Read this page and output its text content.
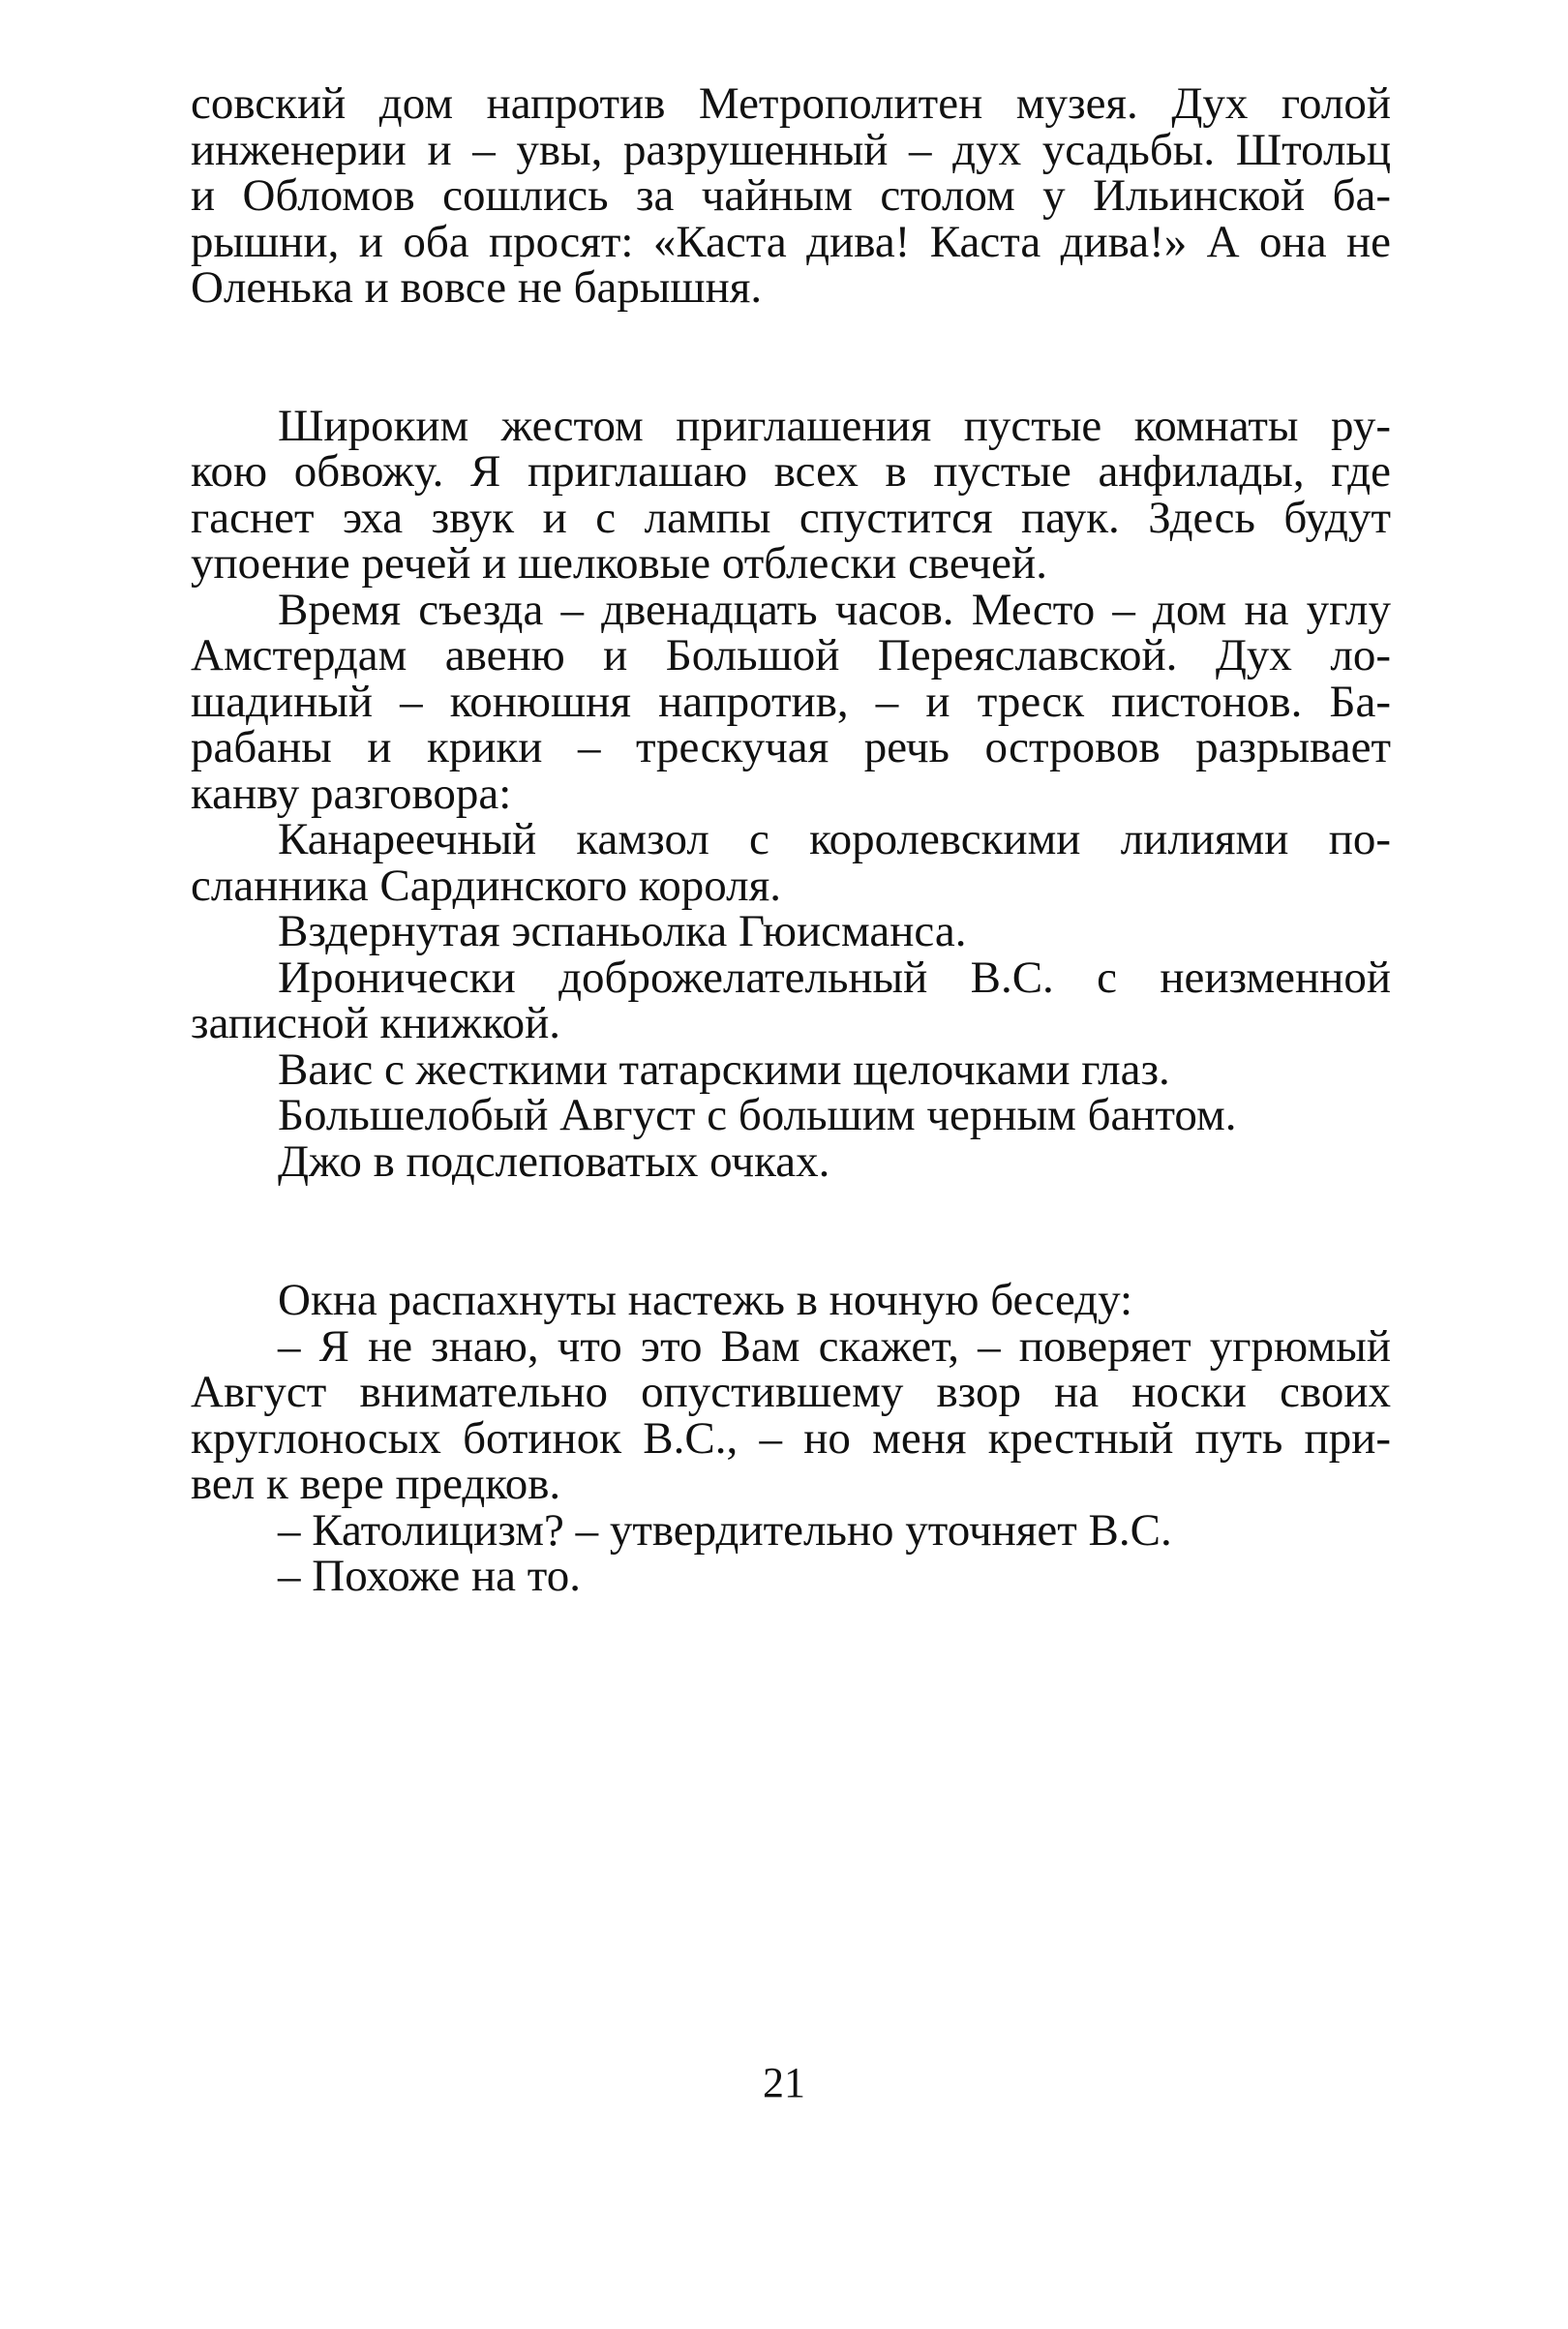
совский дом напротив Метрополитен музея. Дух голой
инженерии и – увы, разрушенный – дух усадьбы. Штольц
и Обломов сошлись за чайным столом у Ильинской ба-
рышни, и оба просят: «Каста дива! Каста дива!» А она не
Оленька и вовсе не барышня.
Широким жестом приглашения пустые комнаты ру-
кою обвожу. Я приглашаю всех в пустые анфилады, где
гаснет эха звук и с лампы спустится паук. Здесь будут
упоение речей и шелковые отблески свечей.
Время съезда – двенадцать часов. Место – дом на углу
Амстердам авеню и Большой Переяславской. Дух ло-
шадиный – конюшня напротив, – и треск пистонов. Ба-
рабаны и крики – трескучая речь островов разрывает
канву разговора:
Канареечный камзол с королевскими лилиями по-
сланника Сардинского короля.
Вздернутая эспаньолка Гюисманса.
Иронически доброжелательный В.С. с неизменной
записной книжкой.
Ваис с жесткими татарскими щелочками глаз.
Большелобый Август с большим черным бантом.
Джо в подслеповатых очках.
Окна распахнуты настежь в ночную беседу:
– Я не знаю, что это Вам скажет, – поверяет угрюмый
Август внимательно опустившему взор на носки своих
круглоносых ботинок В.С., – но меня крестный путь при-
вел к вере предков.
– Католицизм? – утвердительно уточняет В.С.
– Похоже на то.
21
